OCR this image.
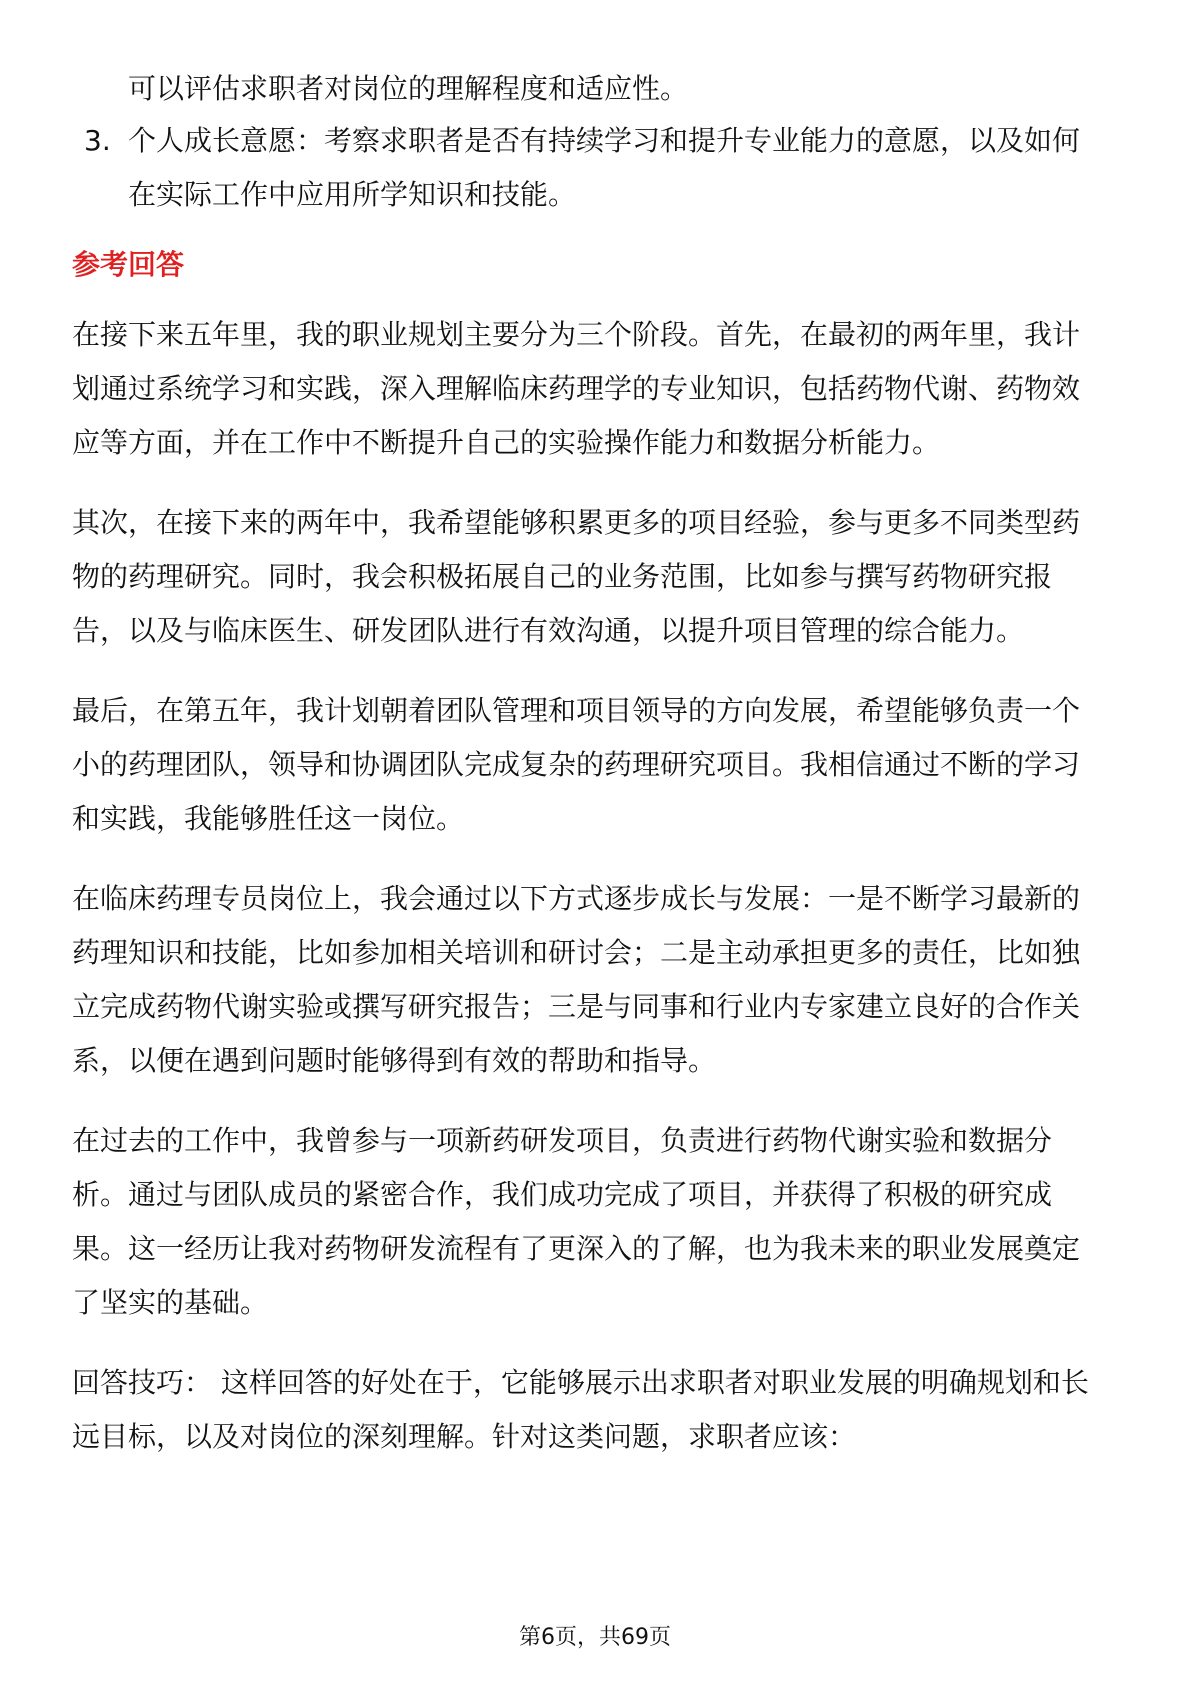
可以评估求职者对岗位的理解程度和适应性。
3. 个人成长意愿：考察求职者是否有持续学习和提升专业能力的意愿，以及如何
在实际工作中应用所学知识和技能。
参考回答
在接下来五年里，我的职业规划主要分为三个阶段。首先，在最初的两年里，我计
划通过系统学习和实践，深入理解临床药理学的专业知识，包括药物代谢、药物效
应等方面，并在工作中不断提升自己的实验操作能力和数据分析能力。
其次，在接下来的两年中，我希望能够积累更多的项目经验，参与更多不同类型药
物的药理研究。同时，我会积极拓展自己的业务范围，比如参与撰写药物研究报
告，以及与临床医生、研发团队进行有效沟通，以提升项目管理的综合能力。
最后，在第五年，我计划朝着团队管理和项目领导的方向发展，希望能够负责一个
小的药理团队，领导和协调团队完成复杂的药理研究项目。我相信通过不断的学习
和实践，我能够胜任这一岗位。
在临床药理专员岗位上，我会通过以下方式逐步成长与发展：一是不断学习最新的
药理知识和技能，比如参加相关培训和研讨会；二是主动承担更多的责任，比如独
立完成药物代谢实验或撰写研究报告；三是与同事和行业内专家建立良好的合作关
系，以便在遇到问题时能够得到有效的帮助和指导。
在过去的工作中，我曾参与一项新药研发项目，负责进行药物代谢实验和数据分
析。通过与团队成员的紧密合作，我们成功完成了项目，并获得了积极的研究成
果。这一经历让我对药物研发流程有了更深入的了解，也为我未来的职业发展奠定
了坚实的基础。
回答技巧： 这样回答的好处在于，它能够展示出求职者对职业发展的明确规划和长
远目标，以及对岗位的深刻理解。针对这类问题，求职者应该：
第6页，共69页
